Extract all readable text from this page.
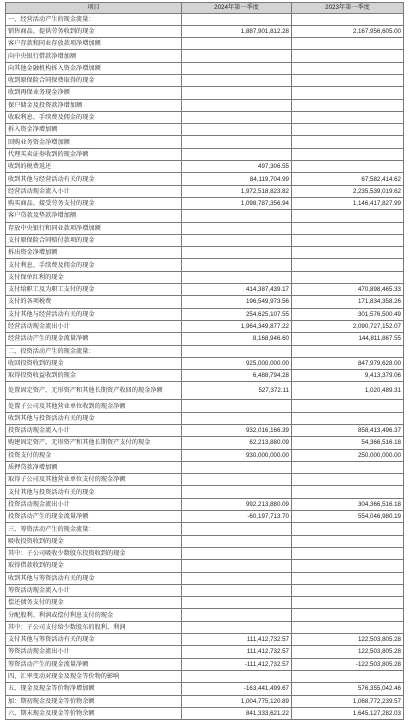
项目	2024年第一季度	2023年第一季度
一、经营活动产生的现金流量：		
销售商品、提供劳务收到的现金	1,887,901,812.28	2,167,956,605.00
客户存款和同业存放款项净增加额		
向中央银行借款净增加额		
向其他金融机构拆入资金净增加额		
收到原保险合同保费取得的现金		
收到再保业务现金净额		
保户储金及投资款净增加额		
收取利息、手续费及佣金的现金		
拆入资金净增加额		
回购业务资金净增加额		
代理买卖证券收到的现金净额		
收到的税费返还	497,306.55	
收到其他与经营活动有关的现金	84,119,704.99	67,582,414.62
经营活动现金流入小计	1,972,518,823.82	2,235,539,019.62
购买商品、接受劳务支付的现金	1,098,787,356.94	1,146,417,827.99
客户贷款及垫款净增加额		
存放中央银行和同业款项净增加额		
支付原保险合同赔付款项的现金		
拆出资金净增加额		
支付利息、手续费及佣金的现金		
支付保单红利的现金		
支付给职工及为职工支付的现金	414,387,439.17	470,898,465.33
支付的各项税费	196,549,973.56	171,834,358.26
支付其他与经营活动有关的现金	254,625,107.55	301,576,500.49
经营活动现金流出小计	1,964,349,877.22	2,090,727,152.07
经营活动产生的现金流量净额	8,168,946.60	144,811,867.55
二、投资活动产生的现金流量：		
收回投资收到的现金	925,000,000.00	847,979,628.00
取得投资收益收到的现金	6,488,794.28	9,413,379.06
处置固定资产、无形资产和其他长期资产收回的现金净额	527,372.11	1,020,489.31
处置子公司及其他营业单位收到的现金净额		
收到其他与投资活动有关的现金		
投资活动现金流入小计	932,016,166.39	858,413,496.37
购建固定资产、无形资产和其他长期资产支付的现金	62,213,880.09	54,366,516.18
投资支付的现金	930,000,000.00	250,000,000.00
质押贷款净增加额		
取得子公司及其他营业单位支付的现金净额		
支付其他与投资活动有关的现金		
投资活动现金流出小计	992,213,880.09	304,366,516.18
投资活动产生的现金流量净额	-60,197,713.70	554,046,980.19
三、筹资活动产生的现金流量：		
吸收投资收到的现金		
其中：子公司吸收少数股东投资收到的现金		
取得借款收到的现金		
收到其他与筹资活动有关的现金		
筹资活动现金流入小计		
偿还债务支付的现金		
分配股利、利润或偿付利息支付的现金		
其中：子公司支付给少数股东的股利、利润		
支付其他与筹资活动有关的现金	111,412,732.57	122,503,805.28
筹资活动现金流出小计	111,412,732.57	122,503,805.28
筹资活动产生的现金流量净额	-111,412,732.57	-122,503,805.28
四、汇率变动对现金及现金等价物的影响		
五、现金及现金等价物净增加额	-163,441,499.67	576,355,042.46
加：期初现金及现金等价物余额	1,004,775,120.89	1,068,772,239.57
六、期末现金及现金等价物余额	841,333,621.22	1,645,127,282.03
